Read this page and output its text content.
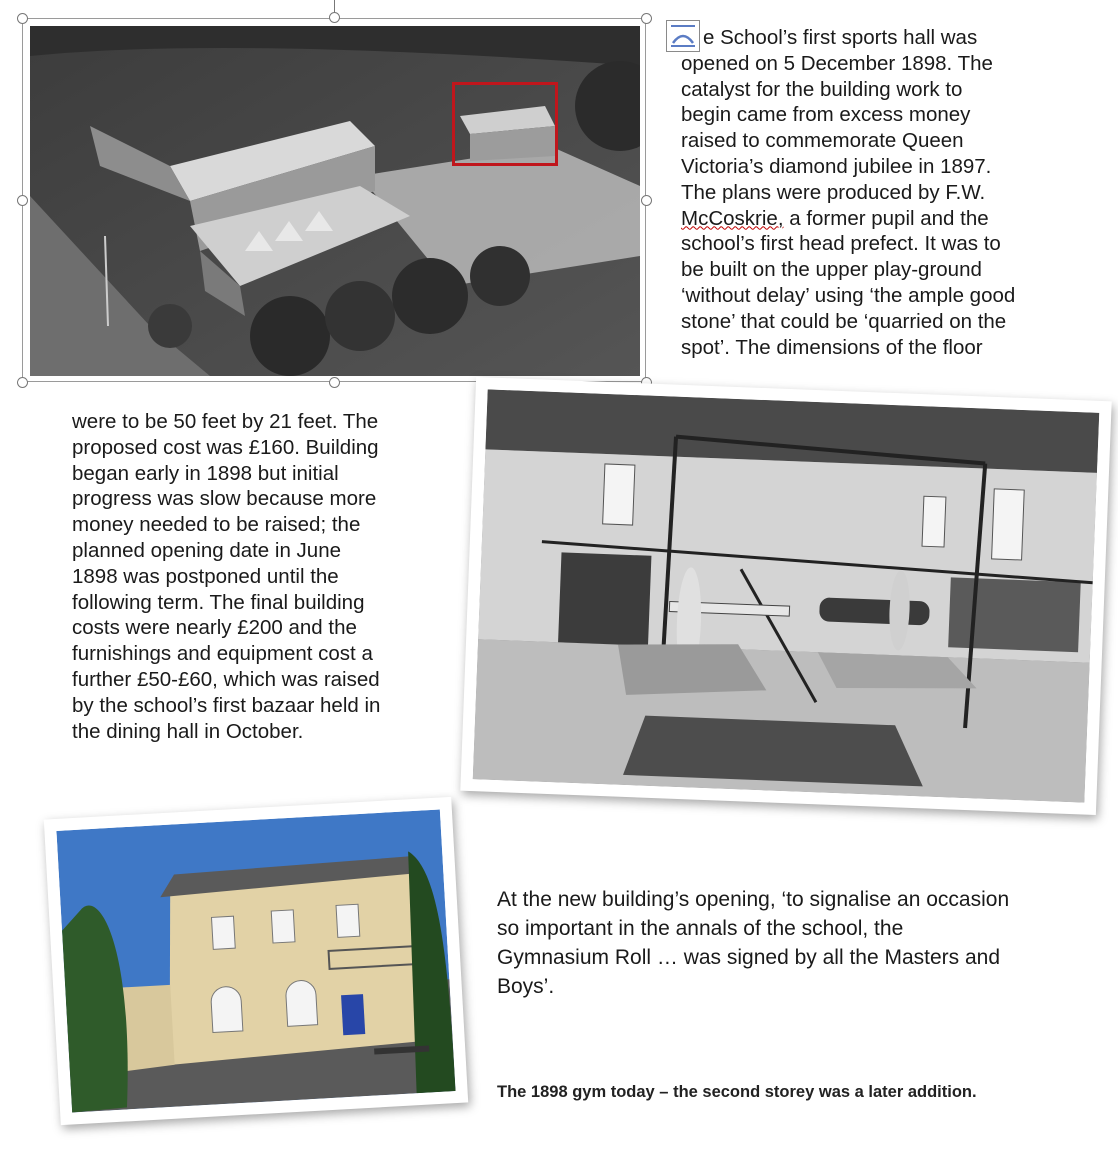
e School’s first sports hall was
opened on 5 December 1898. The
catalyst for the building work to
begin came from excess money
raised to commemorate Queen
Victoria’s diamond jubilee in 1897.
The plans were produced by F.W.
McCoskrie, a former pupil and the
school’s first head prefect. It was to
be built on the upper play-ground
‘without delay’ using ‘the ample good
stone’ that could be ‘quarried on the
spot’. The dimensions of the floor
were to be 50 feet by 21 feet. The
proposed cost was £160. Building
began early in 1898 but initial
progress was slow because more
money needed to be raised; the
planned opening date in June
1898 was postponed until the
following term. The final building
costs were nearly £200 and the
furnishings and equipment cost a
further £50-£60, which was raised
by the school’s first bazaar held in
the dining hall in October.
At the new building’s opening, ‘to signalise an occasion
so important in the annals of the school, the
Gymnasium Roll … was signed by all the Masters and
Boys’.
The 1898 gym today – the second storey was a later addition.
